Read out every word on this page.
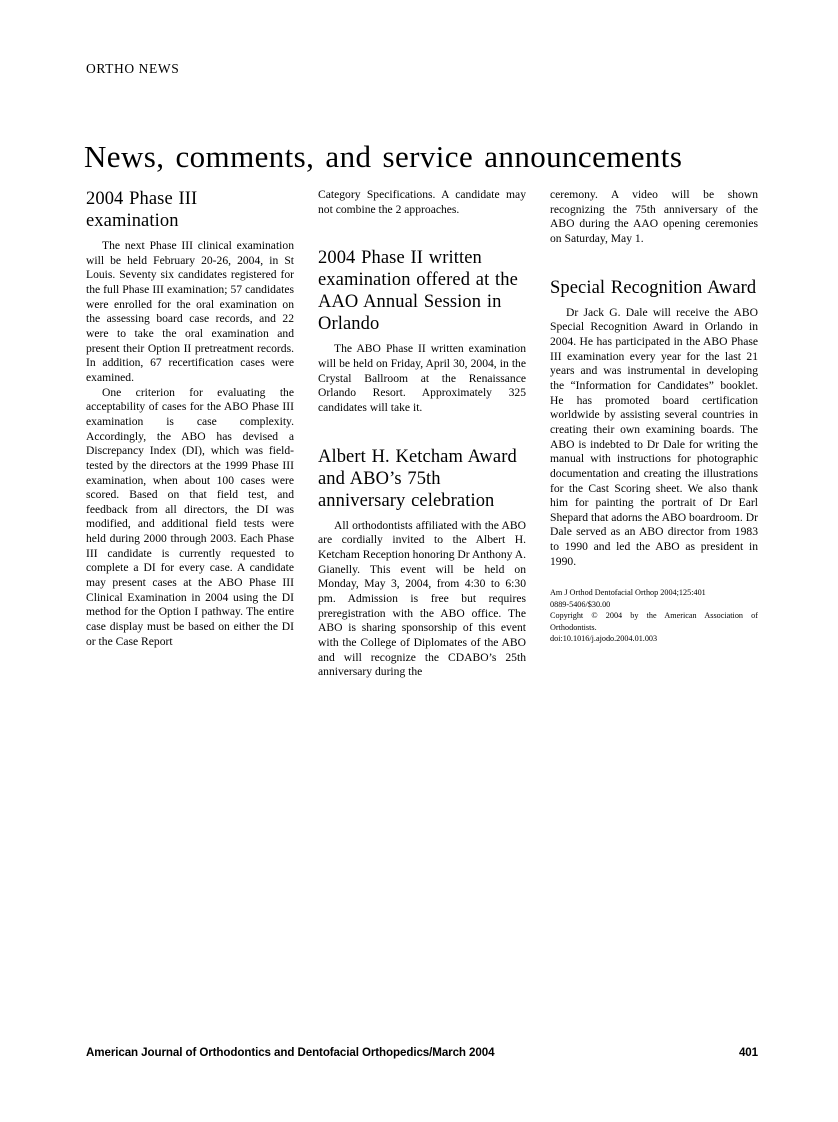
ORTHO NEWS
News, comments, and service announcements
2004 Phase III examination

The next Phase III clinical examination will be held February 20-26, 2004, in St Louis. Seventy six candidates registered for the full Phase III examination; 57 candidates were enrolled for the oral examination on the assessing board case records, and 22 were to take the oral examination and present their Option II pretreatment records. In addition, 67 recertification cases were examined.

One criterion for evaluating the acceptability of cases for the ABO Phase III examination is case complexity. Accordingly, the ABO has devised a Discrepancy Index (DI), which was field-tested by the directors at the 1999 Phase III examination, when about 100 cases were scored. Based on that field test, and feedback from all directors, the DI was modified, and additional field tests were held during 2000 through 2003. Each Phase III candidate is currently requested to complete a DI for every case. A candidate may present cases at the ABO Phase III Clinical Examination in 2004 using the DI method for the Option I pathway. The entire case display must be based on either the DI or the Case Report

Category Specifications. A candidate may not combine the 2 approaches.

2004 Phase II written examination offered at the AAO Annual Session in Orlando

The ABO Phase II written examination will be held on Friday, April 30, 2004, in the Crystal Ballroom at the Renaissance Orlando Resort. Approximately 325 candidates will take it.

Albert H. Ketcham Award and ABO’s 75th anniversary celebration

All orthodontists affiliated with the ABO are cordially invited to the Albert H. Ketcham Reception honoring Dr Anthony A. Gianelly. This event will be held on Monday, May 3, 2004, from 4:30 to 6:30 pm. Admission is free but requires preregistration with the ABO office. The ABO is sharing sponsorship of this event with the College of Diplomates of the ABO and will recognize the CDABO’s 25th anniversary during the

ceremony. A video will be shown recognizing the 75th anniversary of the ABO during the AAO opening ceremonies on Saturday, May 1.

Special Recognition Award

Dr Jack G. Dale will receive the ABO Special Recognition Award in Orlando in 2004. He has participated in the ABO Phase III examination every year for the last 21 years and was instrumental in developing the “Information for Candidates” booklet. He has promoted board certification worldwide by assisting several countries in creating their own examining boards. The ABO is indebted to Dr Dale for writing the manual with instructions for photographic documentation and creating the illustrations for the Cast Scoring sheet. We also thank him for painting the portrait of Dr Earl Shepard that adorns the ABO boardroom. Dr Dale served as an ABO director from 1983 to 1990 and led the ABO as president in 1990.

Am J Orthod Dentofacial Orthop 2004;125:401
0889-5406/$30.00
Copyright © 2004 by the American Association of Orthodontists.
doi:10.1016/j.ajodo.2004.01.003
American Journal of Orthodontics and Dentofacial Orthopedics/March 2004	401
